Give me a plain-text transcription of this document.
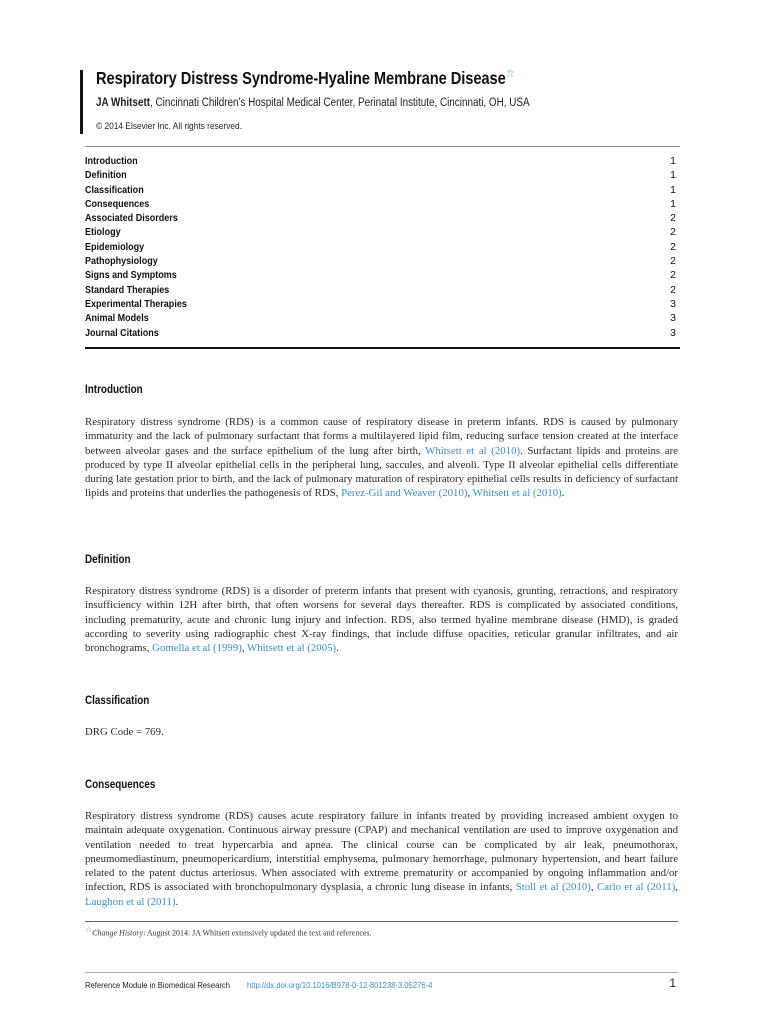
Respiratory Distress Syndrome-Hyaline Membrane Disease☆
JA Whitsett, Cincinnati Children's Hospital Medical Center, Perinatal Institute, Cincinnati, OH, USA
© 2014 Elsevier Inc. All rights reserved.
Introduction	1
Definition	1
Classification	1
Consequences	1
Associated Disorders	2
Etiology	2
Epidemiology	2
Pathophysiology	2
Signs and Symptoms	2
Standard Therapies	2
Experimental Therapies	3
Animal Models	3
Journal Citations	3
Introduction
Respiratory distress syndrome (RDS) is a common cause of respiratory disease in preterm infants. RDS is caused by pulmonary immaturity and the lack of pulmonary surfactant that forms a multilayered lipid film, reducing surface tension created at the interface between alveolar gases and the surface epithelium of the lung after birth, Whitsett et al (2010). Surfactant lipids and proteins are produced by type II alveolar epithelial cells in the peripheral lung, saccules, and alveoli. Type II alveolar epithelial cells differentiate during late gestation prior to birth, and the lack of pulmonary maturation of respiratory epithelial cells results in deficiency of surfactant lipids and proteins that underlies the pathogenesis of RDS, Perez-Gil and Weaver (2010), Whitsett et al (2010).
Definition
Respiratory distress syndrome (RDS) is a disorder of preterm infants that present with cyanosis, grunting, retractions, and respiratory insufficiency within 12H after birth, that often worsens for several days thereafter. RDS is complicated by associated conditions, including prematurity, acute and chronic lung injury and infection. RDS, also termed hyaline membrane disease (HMD), is graded according to severity using radiographic chest X-ray findings, that include diffuse opacities, reticular granular infiltrates, and air bronchograms, Gomella et al (1999), Whitsett et al (2005).
Classification
DRG Code = 769.
Consequences
Respiratory distress syndrome (RDS) causes acute respiratory failure in infants treated by providing increased ambient oxygen to maintain adequate oxygenation. Continuous airway pressure (CPAP) and mechanical ventilation are used to improve oxygenation and ventilation needed to treat hypercarbia and apnea. The clinical course can be complicated by air leak, pneumothorax, pneumomediastinum, pneumopericardium, interstitial emphysema, pulmonary hemorrhage, pulmonary hypertension, and heart failure related to the patent ductus arteriosus. When associated with extreme prematurity or accompanied by ongoing inflammation and/or infection, RDS is associated with bronchopulmonary dysplasia, a chronic lung disease in infants, Stoll et al (2010), Carlo et al (2011), Laughon et al (2011).
☆Change History: August 2014: JA Whitsett extensively updated the text and references.
Reference Module in Biomedical Research http://dx.doi.org/10.1016/B978-0-12-801238-3.05276-4	1
